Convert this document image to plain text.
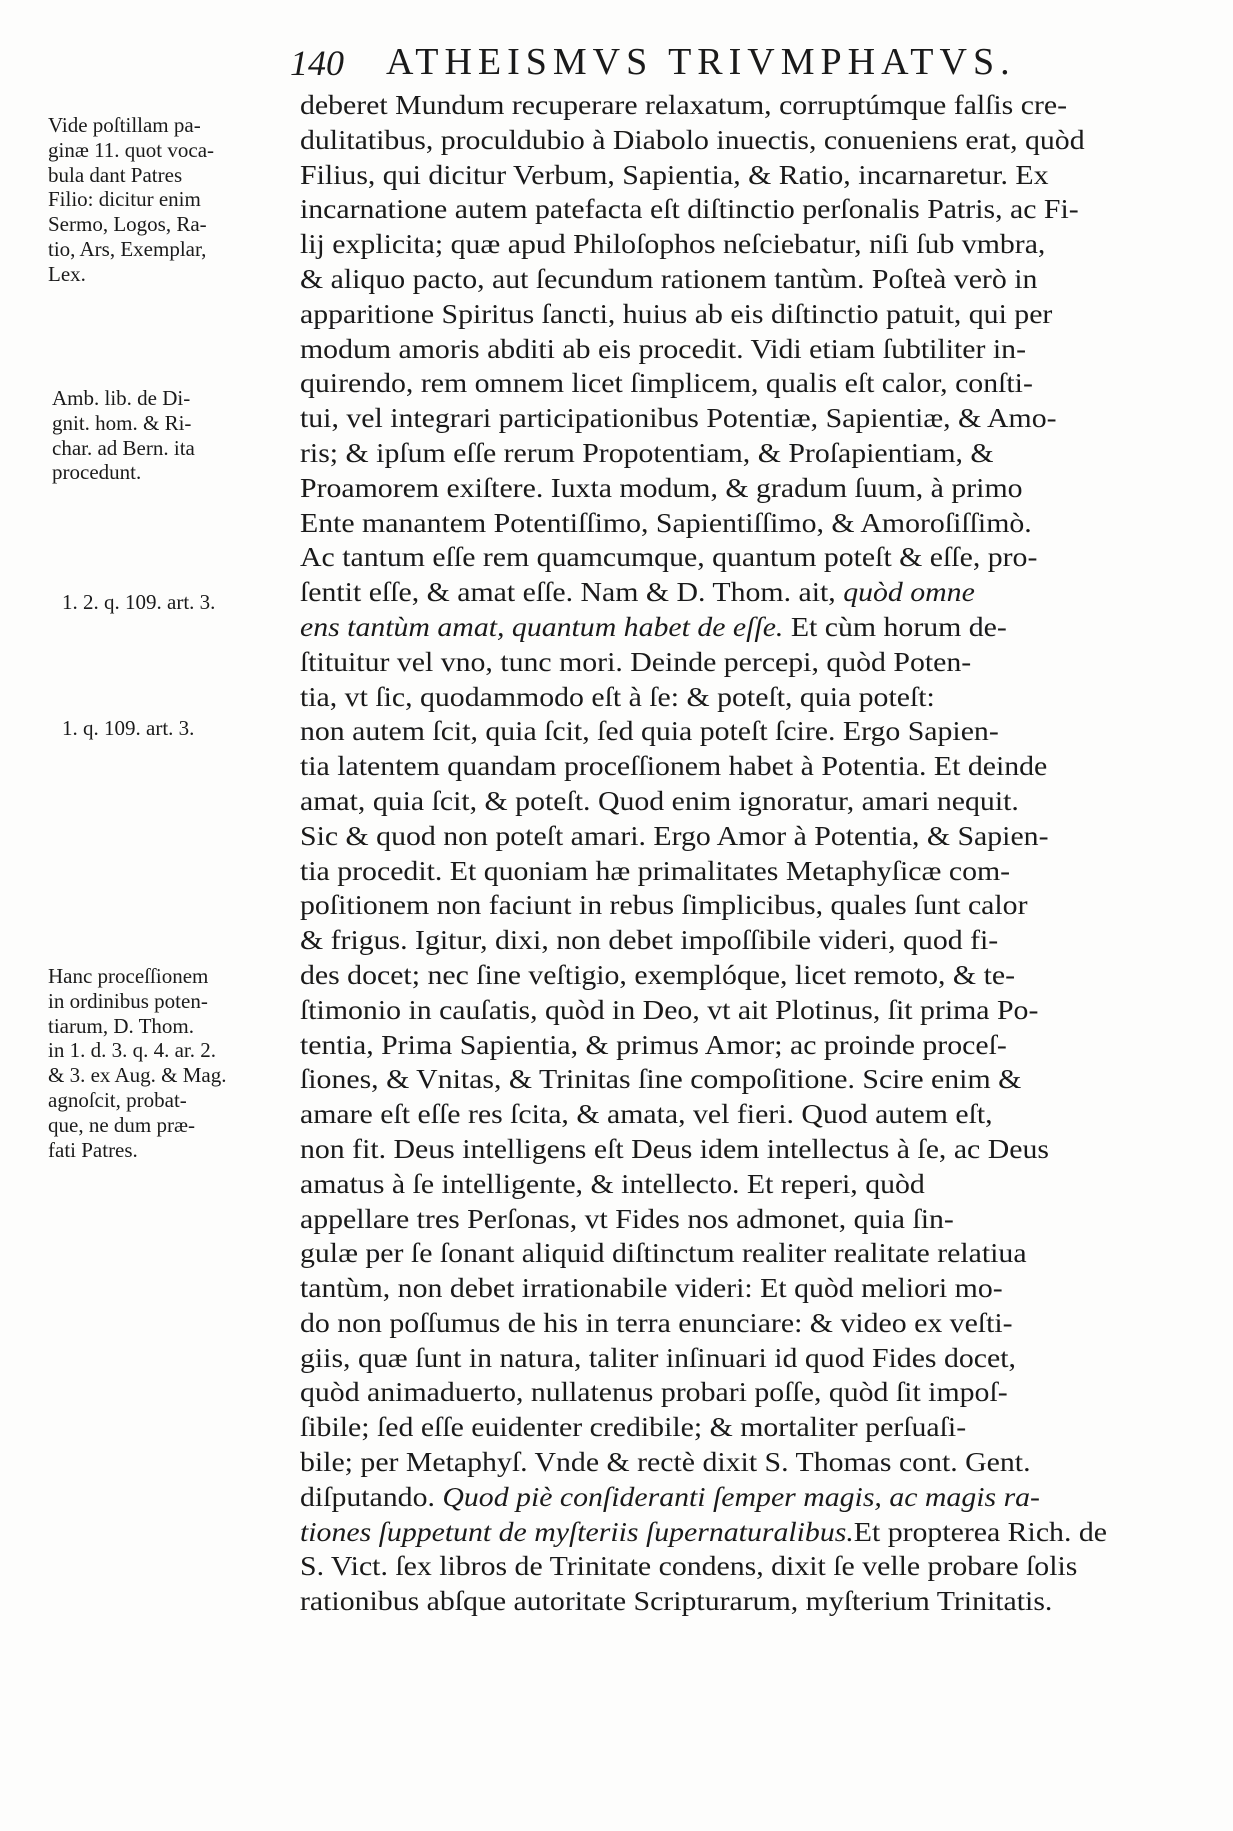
140 ATHEISMVS TRIVMPHATVS.
deberet Mundum recuperare relaxatum, corruptúmque falſis cre-
dulitatibus, proculdubio à Diabolo inuectis, conueniens erat, quòd
Filius, qui dicitur Verbum, Sapientia, & Ratio, incarnaretur. Ex
incarnatione autem patefacta eſt diſtinctio perſonalis Patris, ac Fi-
lij explicita; quæ apud Philoſophos neſciebatur, niſi ſub vmbra,
& aliquo pacto, aut ſecundum rationem tantùm. Poſteà verò in
apparitione Spiritus ſancti, huius ab eis diſtinctio patuit, qui per
modum amoris abditi ab eis procedit. Vidi etiam ſubtiliter in-
quirendo, rem omnem licet ſimplicem, qualis eſt calor, conſti-
tui, vel integrari participationibus Potentiæ, Sapientiæ, & Amo-
ris; & ipſum eſſe rerum Propotentiam, & Proſapientiam, &
Proamorem exiſtere. Iuxta modum, & gradum ſuum, à primo
Ente manantem Potentiſſimo, Sapientiſſimo, & Amoroſiſſimò.
Ac tantum eſſe rem quamcumque, quantum poteſt & eſſe, pro-
ſentit eſſe, & amat eſſe. Nam & D. Thom. ait, quòd omne
ens tantùm amat, quantum habet de eſſe. Et cùm horum de-
ſtituitur vel vno, tunc mori. Deinde percepi, quòd Poten-
tia, vt ſic, quodammodo eſt à ſe: & poteſt, quia poteſt:
non autem ſcit, quia ſcit, ſed quia poteſt ſcire. Ergo Sapien-
tia latentem quandam proceſſionem habet à Potentia. Et deinde
amat, quia ſcit, & poteſt. Quod enim ignoratur, amari nequit.
Sic & quod non poteſt amari. Ergo Amor à Potentia, & Sapien-
tia procedit. Et quoniam hæ primalitates Metaphyſicæ com-
poſitionem non faciunt in rebus ſimplicibus, quales ſunt calor
& frigus. Igitur, dixi, non debet impoſſibile videri, quod fi-
des docet; nec ſine veſtigio, exemplóque, licet remoto, & te-
ſtimonio in cauſatis, quòd in Deo, vt ait Plotinus, ſit prima Po-
tentia, Prima Sapientia, & primus Amor; ac proinde proceſ-
ſiones, & Vnitas, & Trinitas ſine compoſitione. Scire enim &
amare eſt eſſe res ſcita, & amata, vel fieri. Quod autem eſt,
non fit. Deus intelligens eſt Deus idem intellectus à ſe, ac Deus
amatus à ſe intelligente, & intellecto. Et reperi, quòd
appellare tres Perſonas, vt Fides nos admonet, quia ſin-
gulæ per ſe ſonant aliquid diſtinctum realiter realitate relatiua
tantùm, non debet irrationabile videri: Et quòd meliori mo-
do non poſſumus de his in terra enunciare: & video ex veſti-
giis, quæ ſunt in natura, taliter inſinuari id quod Fides docet,
quòd animaduerto, nullatenus probari poſſe, quòd ſit impoſ-
ſibile; ſed eſſe euidenter credibile; & mortaliter perſuaſi-
bile; per Metaphyſ. Vnde & rectè dixit S. Thomas cont. Gent.
diſputando. Quod piè conſideranti ſemper magis, ac magis ra-
tiones ſuppetunt de myſteriis ſupernaturalibus.Et propterea Rich. de
S. Vict. ſex libros de Trinitate condens, dixit ſe velle probare ſolis
rationibus abſque autoritate Scripturarum, myſterium Trinitatis.
Vide poſtillam pa-
ginæ 11. quot voca-
bula dant Patres
Filio: dicitur enim
Sermo, Logos, Ra-
tio, Ars, Exemplar,
Lex.
Amb. lib. de Di-
gnit. hom. & Ri-
char. ad Bern. ita
procedunt.
1. 2. q. 109. art. 3.
1. q. 109. art. 3.
Hanc proceſſionem
in ordinibus poten-
tiarum, D. Thom.
in 1. d. 3. q. 4. ar. 2.
& 3. ex Aug. & Mag.
agnoſcit, probat-
que, ne dum præ-
fati Patres.
